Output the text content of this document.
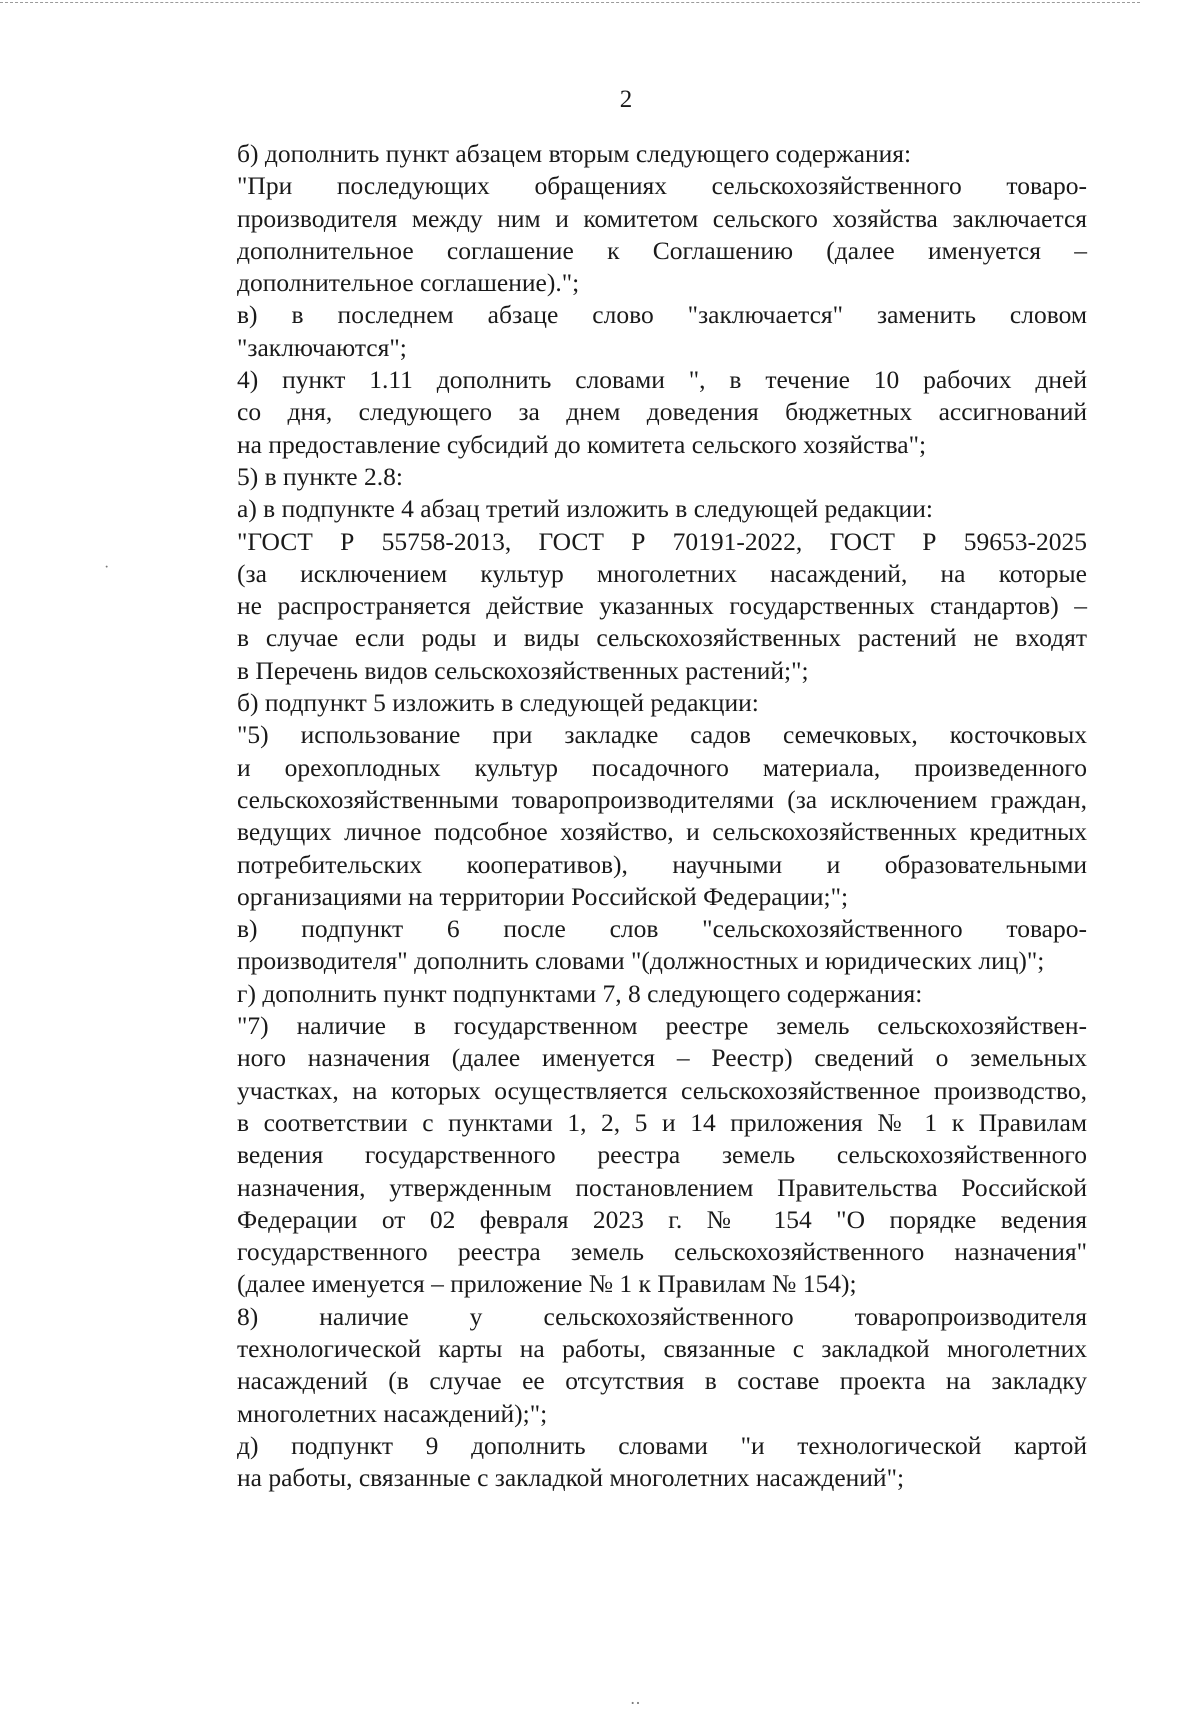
2
б) дополнить пункт абзацем вторым следующего содержания:
"При последующих обращениях сельскохозяйственного товаро-
производителя между ним и комитетом сельского хозяйства заключается
дополнительное соглашение к Соглашению (далее именуется –
дополнительное соглашение).";
в) в последнем абзаце слово "заключается" заменить словом
"заключаются";
4) пункт 1.11 дополнить словами ", в течение 10 рабочих дней
со дня, следующего за днем доведения бюджетных ассигнований
на предоставление субсидий до комитета сельского хозяйства";
5) в пункте 2.8:
а) в подпункте 4 абзац третий изложить в следующей редакции:
"ГОСТ Р 55758-2013, ГОСТ Р 70191-2022, ГОСТ Р 59653-2025
(за исключением культур многолетних насаждений, на которые
не распространяется действие указанных государственных стандартов) –
в случае если роды и виды сельскохозяйственных растений не входят
в Перечень видов сельскохозяйственных растений;";
б) подпункт 5 изложить в следующей редакции:
"5) использование при закладке садов семечковых, косточковых
и орехоплодных культур посадочного материала, произведенного
сельскохозяйственными товаропроизводителями (за исключением граждан,
ведущих личное подсобное хозяйство, и сельскохозяйственных кредитных
потребительских кооперативов), научными и образовательными
организациями на территории Российской Федерации;";
в) подпункт 6 после слов "сельскохозяйственного товаро-
производителя" дополнить словами "(должностных и юридических лиц)";
г) дополнить пункт подпунктами 7, 8 следующего содержания:
"7) наличие в государственном реестре земель сельскохозяйствен-
ного назначения (далее именуется – Реестр) сведений о земельных
участках, на которых осуществляется сельскохозяйственное производство,
в соответствии с пунктами 1, 2, 5 и 14 приложения № 1 к Правилам
ведения государственного реестра земель сельскохозяйственного
назначения, утвержденным постановлением Правительства Российской
Федерации от 02 февраля 2023 г. № 154 "О порядке ведения
государственного реестра земель сельскохозяйственного назначения"
(далее именуется – приложение № 1 к Правилам № 154);
8) наличие у сельскохозяйственного товаропроизводителя
технологической карты на работы, связанные с закладкой многолетних
насаждений (в случае ее отсутствия в составе проекта на закладку
многолетних насаждений);";
д) подпункт 9 дополнить словами "и технологической картой
на работы, связанные с закладкой многолетних насаждений";
·
‥
